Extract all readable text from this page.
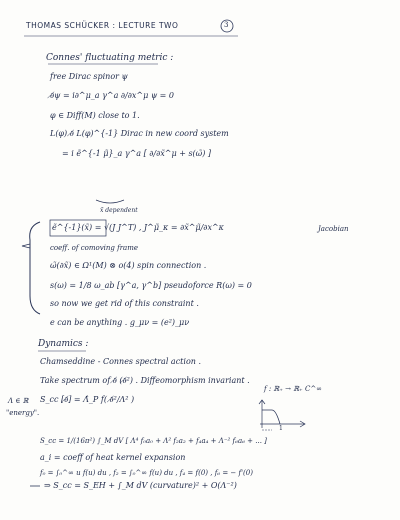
THOMAS SCHÜCKER : LECTURE TWO	3
Connes' fluctuating metric :
free Dirac spinor ψ
∂̸ψ = i∂^μ_a γ^a ∂/∂x^μ ψ = 0
φ ∈ Diff(M) close to 1.
L(φ) ∂̸ L(φ)^{-1} Dirac in new coord system
= i ẽ^{-1 μ̃}_a γ^a [ ∂/∂x̃^μ + s(ω̃) ]
x̃ dependent
ẽ^{-1}(x̃) = √(J J^T) , J^μ̃_κ = ∂x̃^μ̃/∂x^κ	Jacobian
coeff. of comoving frame
ω̃(∂x̃) ∈ Ω¹(M) ⊗ o(4) spin connection .
s(ω) = 1/8 ω_ab [γ^a, γ^b] pseudoforce R(ω) = 0
so now we get rid of this constraint .
e can be anything . g_μν = (e²)_μν
Dynamics :
Chamseddine - Connes spectral action .
Take spectrum of ∂̸ (∂̸²) . Diffeomorphism invariant .
S_cc [∂̸] = Λ̂_P f( ∂̸²/Λ² )
f : ℝ₊ → ℝ₊ C^∞
1
Λ ∈ ℝ
"energy".
S_cc = 1/(16π²) ∫_M dV [ Λ⁴ f₀a₀ + Λ² f₂a₂ + f₄a₄ + Λ⁻² f₆a₆ + ... ]
a_i = coeff of heat kernel expansion
f₀ = ∫₀^∞ u f(u) du , f₂ = ∫₀^∞ f(u) du , f₄ = f(0) , f₆ = − f'(0)
⇒ S_cc = S_EH + ∫_M dV (curvature)² + O(Λ⁻²)
